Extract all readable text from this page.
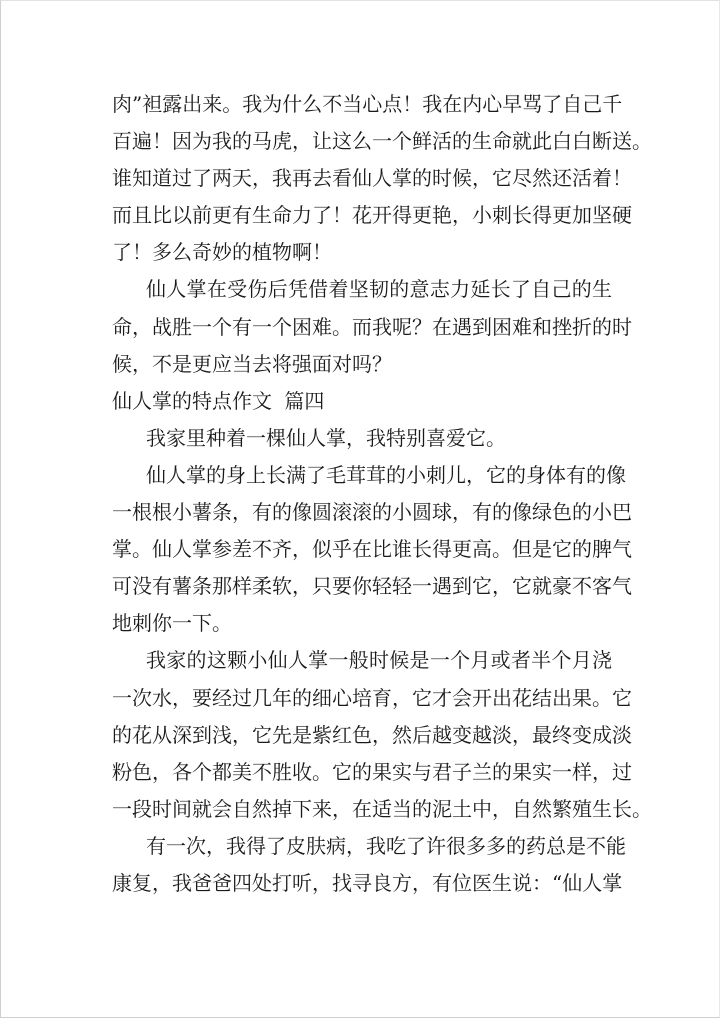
肉”袒露出来。我为什么不当心点！我在内心早骂了自己千
百遍！因为我的马虎，让这么一个鲜活的生命就此白白断送。
谁知道过了两天，我再去看仙人掌的时候，它尽然还活着！
而且比以前更有生命力了！花开得更艳，小刺长得更加坚硬
了！多么奇妙的植物啊！
仙人掌在受伤后凭借着坚韧的意志力延长了自己的生
命，战胜一个有一个困难。而我呢？在遇到困难和挫折的时
候，不是更应当去将强面对吗？
仙人掌的特点作文 篇四
我家里种着一棵仙人掌，我特别喜爱它。
仙人掌的身上长满了毛茸茸的小刺儿，它的身体有的像
一根根小薯条，有的像圆滚滚的小圆球，有的像绿色的小巴
掌。仙人掌参差不齐，似乎在比谁长得更高。但是它的脾气
可没有薯条那样柔软，只要你轻轻一遇到它，它就豪不客气
地刺你一下。
我家的这颗小仙人掌一般时候是一个月或者半个月浇
一次水，要经过几年的细心培育，它才会开出花结出果。它
的花从深到浅，它先是紫红色，然后越变越淡，最终变成淡
粉色，各个都美不胜收。它的果实与君子兰的果实一样，过
一段时间就会自然掉下来，在适当的泥土中，自然繁殖生长。
有一次，我得了皮肤病，我吃了许很多多的药总是不能
康复，我爸爸四处打听，找寻良方，有位医生说：“仙人掌
